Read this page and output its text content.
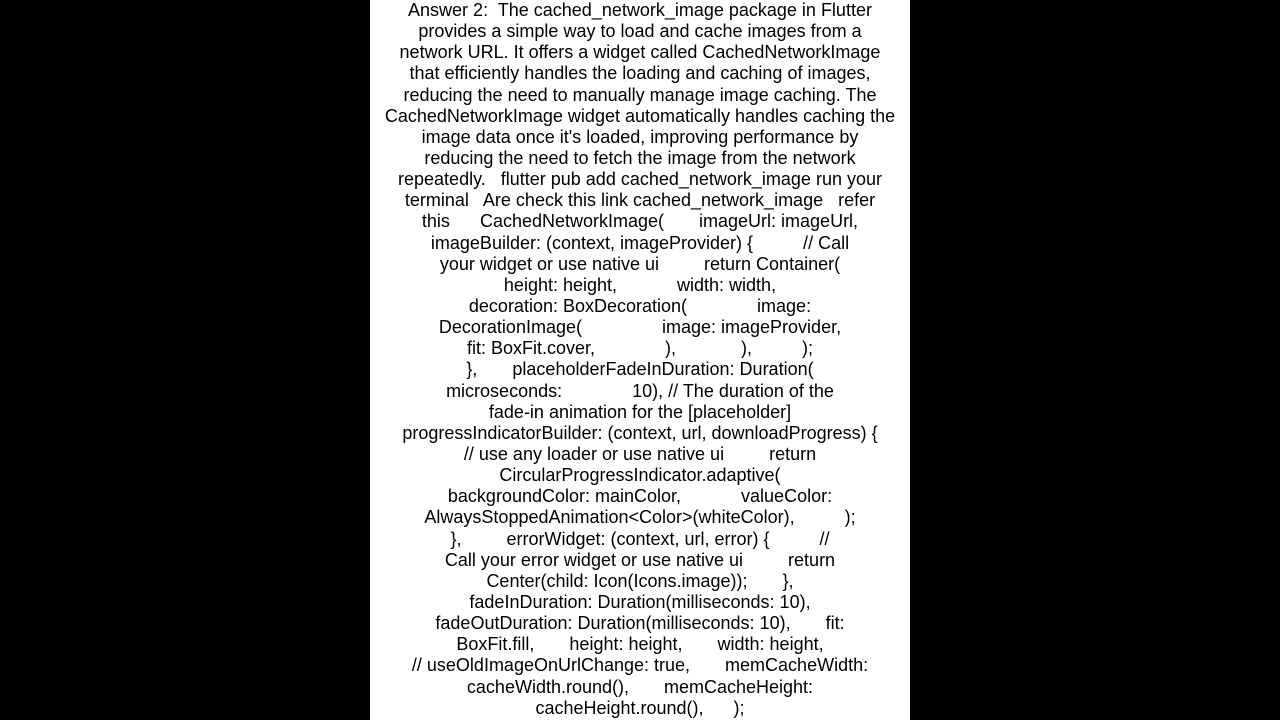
Answer 2:  The cached_network_image package in Flutter
provides a simple way to load and cache images from a
network URL. It offers a widget called CachedNetworkImage
that efficiently handles the loading and caching of images,
reducing the need to manually manage image caching. The
CachedNetworkImage widget automatically handles caching the
image data once it's loaded, improving performance by
reducing the need to fetch the image from the network
repeatedly.   flutter pub add cached_network_image run your
terminal   Are check this link cached_network_image   refer
this      CachedNetworkImage(       imageUrl: imageUrl,
imageBuilder: (context, imageProvider) {          // Call
your widget or use native ui         return Container(
height: height,            width: width,
decoration: BoxDecoration(              image:
DecorationImage(                image: imageProvider,
fit: BoxFit.cover,              ),             ),          );
},       placeholderFadeInDuration: Duration(
microseconds:              10), // The duration of the
fade-in animation for the [placeholder]
progressIndicatorBuilder: (context, url, downloadProgress) {
// use any loader or use native ui         return
CircularProgressIndicator.adaptive(
backgroundColor: mainColor,            valueColor:
AlwaysStoppedAnimation<Color>(whiteColor),          );
},         errorWidget: (context, url, error) {          //
Call your error widget or use native ui         return
Center(child: Icon(Icons.image));       },
fadeInDuration: Duration(milliseconds: 10),
fadeOutDuration: Duration(milliseconds: 10),       fit:
BoxFit.fill,       height: height,       width: height,
// useOldImageOnUrlChange: true,       memCacheWidth:
cacheWidth.round(),       memCacheHeight:
cacheHeight.round(),      );
